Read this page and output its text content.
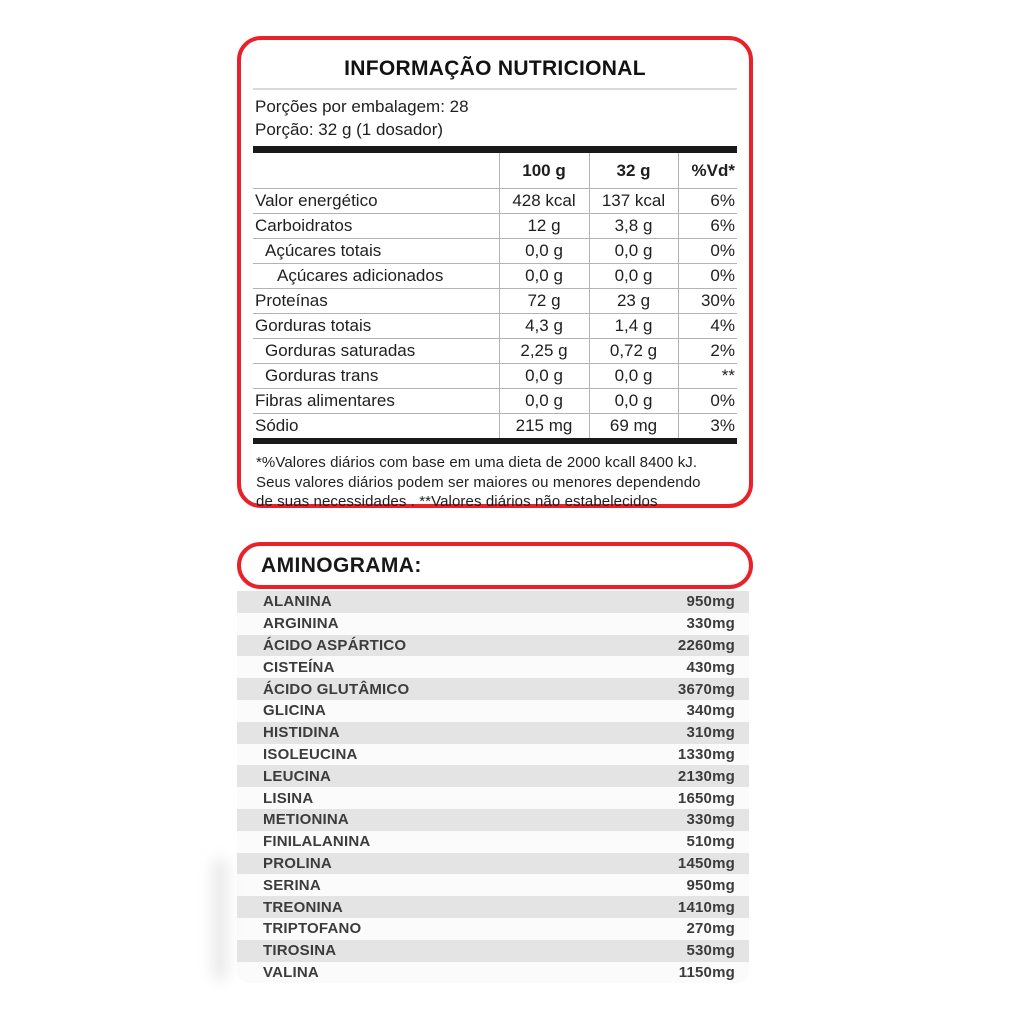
INFORMAÇÃO NUTRICIONAL
Porções por embalagem: 28
Porção: 32 g (1 dosador)
	100 g	32 g	%Vd*
Valor energético	428 kcal	137 kcal	6%
Carboidratos	12 g	3,8 g	6%
Açúcares totais	0,0 g	0,0 g	0%
Açúcares adicionados	0,0 g	0,0 g	0%
Proteínas	72 g	23 g	30%
Gorduras totais	4,3 g	1,4 g	4%
Gorduras saturadas	2,25 g	0,72 g	2%
Gorduras trans	0,0 g	0,0 g	**
Fibras alimentares	0,0 g	0,0 g	0%
Sódio	215 mg	69 mg	3%
*%Valores diários com base em uma dieta de 2000 kcall 8400 kJ.
Seus valores diários podem ser maiores ou menores dependendo
de suas necessidades . **Valores diários não estabelecidos
AMINOGRAMA:
ALANINA	950mg
ARGININA	330mg
ÁCIDO ASPÁRTICO	2260mg
CISTEÍNA	430mg
ÁCIDO GLUTÂMICO	3670mg
GLICINA	340mg
HISTIDINA	310mg
ISOLEUCINA	1330mg
LEUCINA	2130mg
LISINA	1650mg
METIONINA	330mg
FINILALANINA	510mg
PROLINA	1450mg
SERINA	950mg
TREONINA	1410mg
TRIPTOFANO	270mg
TIROSINA	530mg
VALINA	1150mg
